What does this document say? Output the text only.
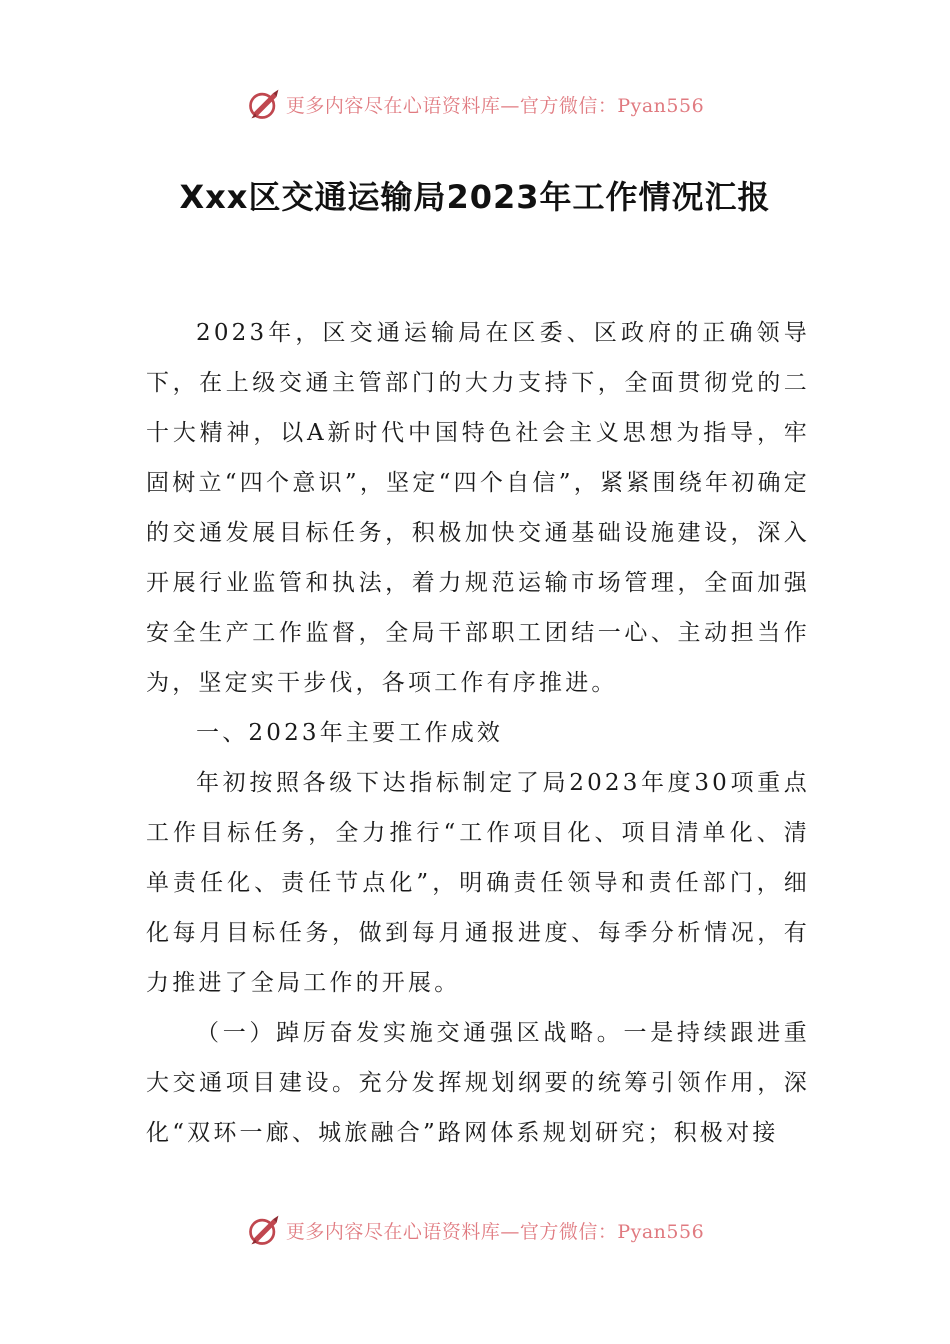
更多内容尽在心语资料库—官方微信：Pyan556
Xxx区交通运输局2023年工作情况汇报

2023年，区交通运输局在区委、区政府的正确领导下，在上级交通主管部门的大力支持下，全面贯彻党的二十大精神，以A新时代中国特色社会主义思想为指导，牢固树立“四个意识”，坚定“四个自信”，紧紧围绕年初确定的交通发展目标任务，积极加快交通基础设施建设，深入开展行业监管和执法，着力规范运输市场管理，全面加强安全生产工作监督，全局干部职工团结一心、主动担当作为，坚定实干步伐，各项工作有序推进。

一、2023年主要工作成效

年初按照各级下达指标制定了局2023年度30项重点工作目标任务，全力推行“工作项目化、项目清单化、清单责任化、责任节点化”，明确责任领导和责任部门，细化每月目标任务，做到每月通报进度、每季分析情况，有力推进了全局工作的开展。

（一）踔厉奋发实施交通强区战略。一是持续跟进重大交通项目建设。充分发挥规划纲要的统筹引领作用，深化“双环一廊、城旅融合”路网体系规划研究；积极对接

更多内容尽在心语资料库—官方微信：Pyan556
